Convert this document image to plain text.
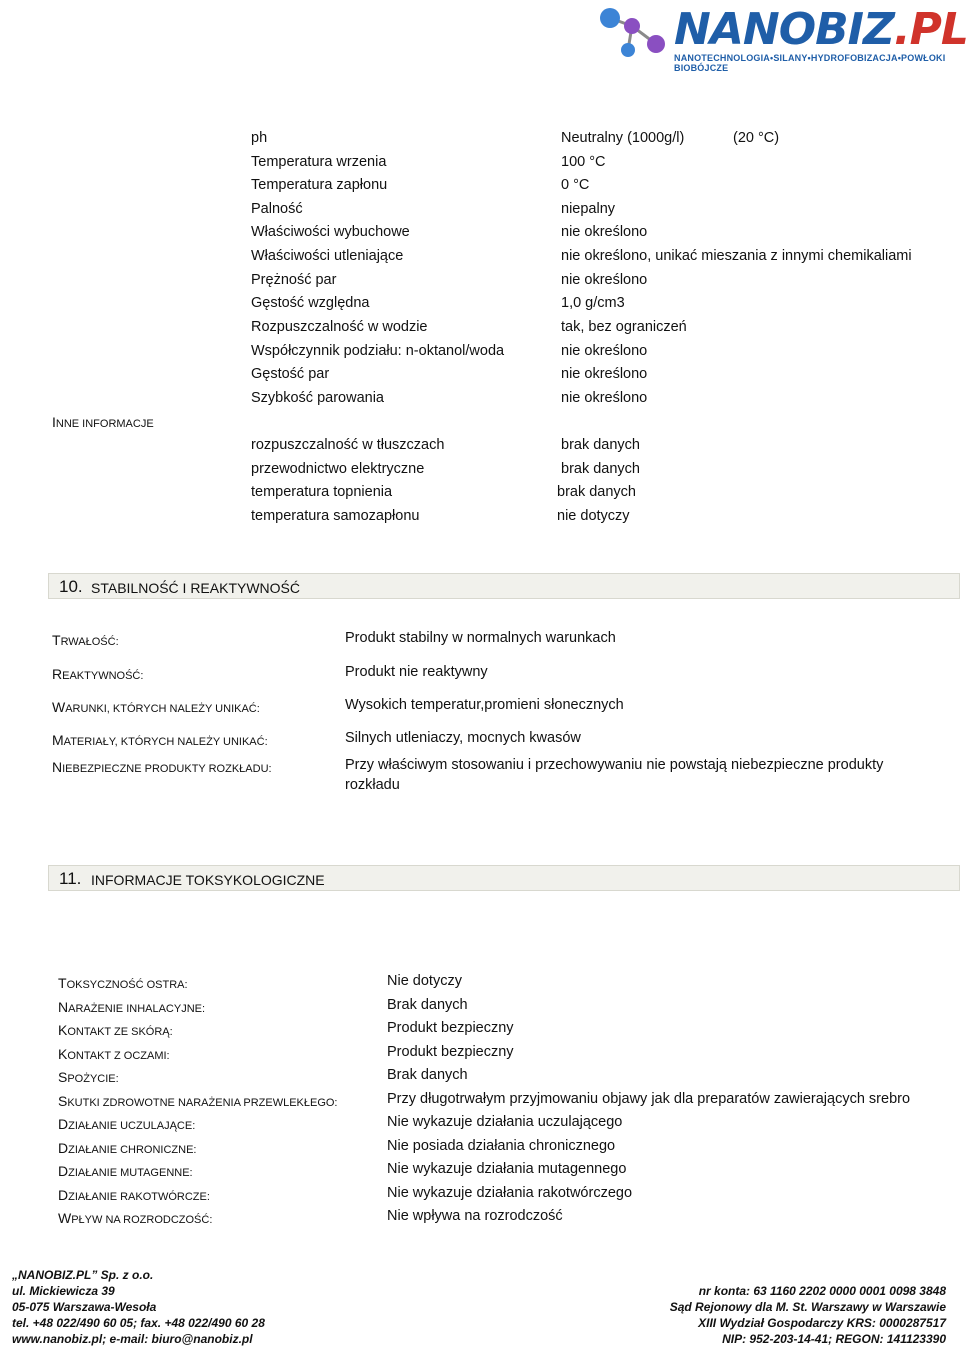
NANOBIZ.PL
NANOTECHNOLOGIA•SILANY•HYDROFOBIZACJA•POWŁOKI BIOBÓJCZE
INNE INFORMACJE
ph	Neutralny (1000g/l)	(20 °C)
Temperatura wrzenia	100 °C
Temperatura zapłonu	0 °C
Palność	niepalny
Właściwości wybuchowe	nie określono
Właściwości utleniające	nie określono, unikać mieszania z innymi chemikaliami
Prężność par	nie określono
Gęstość względna	1,0 g/cm3
Rozpuszczalność w wodzie	tak, bez ograniczeń
Współczynnik podziału: n-oktanol/woda	nie określono
Gęstość par	nie określono
Szybkość parowania	nie określono
rozpuszczalność w tłuszczach	brak danych
przewodnictwo elektryczne	brak danych
temperatura topnienia	brak danych
temperatura samozapłonu	nie dotyczy
10. STABILNOŚĆ I REAKTYWNOŚĆ
TRWAŁOŚĆ:	Produkt stabilny w normalnych warunkach
REAKTYWNOŚĆ:	Produkt nie reaktywny
WARUNKI, KTÓRYCH NALEŻY UNIKAĆ:	Wysokich temperatur,promieni słonecznych
MATERIAŁY, KTÓRYCH NALEŻY UNIKAĆ:	Silnych utleniaczy, mocnych kwasów
NIEBEZPIECZNE PRODUKTY ROZKŁADU:	Przy właściwym stosowaniu i przechowywaniu nie powstają niebezpieczne produkty
rozkładu
11. INFORMACJE TOKSYKOLOGICZNE
TOKSYCZNOŚĆ OSTRA:	Nie dotyczy
NARAŻENIE INHALACYJNE:	Brak danych
KONTAKT ZE SKÓRĄ:	Produkt bezpieczny
KONTAKT Z OCZAMI:	Produkt bezpieczny
SPOŻYCIE:	Brak danych
SKUTKI ZDROWOTNE NARAŻENIA PRZEWLEKŁEGO:	Przy długotrwałym przyjmowaniu objawy jak dla preparatów zawierających srebro
DZIAŁANIE UCZULAJĄCE:	Nie wykazuje działania uczulającego
DZIAŁANIE CHRONICZNE:	Nie posiada działania chronicznego
DZIAŁANIE MUTAGENNE:	Nie wykazuje działania mutagennego
DZIAŁANIE RAKOTWÓRCZE:	Nie wykazuje działania rakotwórczego
WPŁYW NA ROZRODCZOŚĆ:	Nie wpływa na rozrodczość
„NANOBIZ.PL” Sp. z o.o.
ul. Mickiewicza 39
05-075 Warszawa-Wesoła
tel. +48 022/490 60 05; fax. +48 022/490 60 28
www.nanobiz.pl; e-mail: biuro@nanobiz.pl
nr konta: 63 1160 2202 0000 0001 0098 3848
Sąd Rejonowy dla M. St. Warszawy w Warszawie
XIII Wydział Gospodarczy KRS: 0000287517
NIP: 952-203-14-41; REGON: 141123390
